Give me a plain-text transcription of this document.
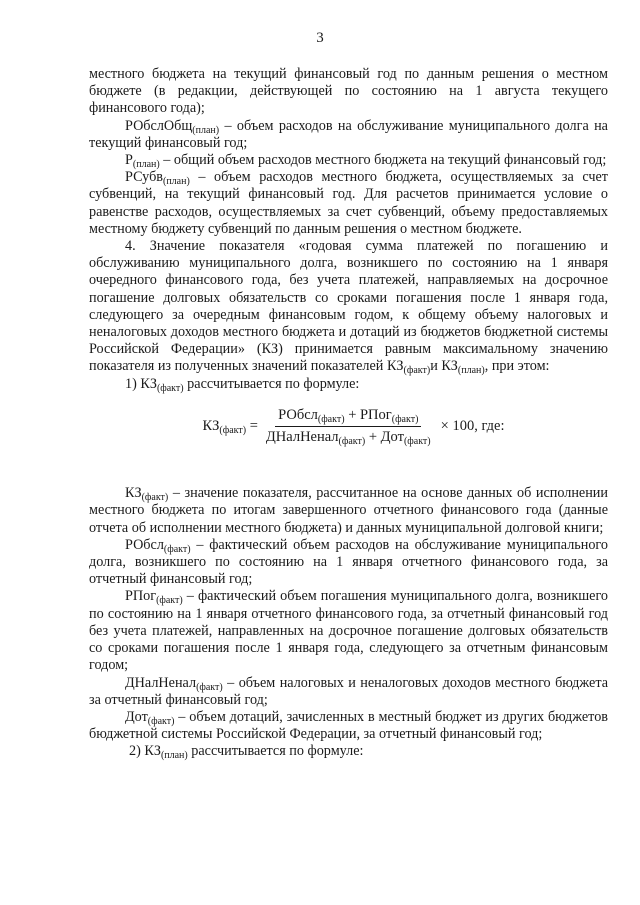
3

местного бюджета на текущий финансовый год по данным решения о местном бюджете (в редакции, действующей по состоянию на 1 августа текущего финансового года);

РОбслОбщ$_{(план)}$ – объем расходов на обслуживание муниципального долга на текущий финансовый год;

$Р_{(план)}$ – общий объем расходов местного бюджета на текущий финансовый год;

РСубв$_{(план)}$ – объем расходов местного бюджета, осуществляемых за счет субвенций, на текущий финансовый год. Для расчетов принимается условие о равенстве расходов, осуществляемых за счет субвенций, объему предоставляемых местному бюджету субвенций по данным решения о местном бюджете.

4. Значение показателя «годовая сумма платежей по погашению и обслуживанию муниципального долга, возникшего по состоянию на 1 января очередного финансового года, без учета платежей, направляемых на досрочное погашение долговых обязательств со сроками погашения после 1 января года, следующего за очередным финансовым годом, к общему объему налоговых и неналоговых доходов местного бюджета и дотаций из бюджетов бюджетной системы Российской Федерации» (КЗ) принимается равным максимальному значению показателя из полученных значений показателей $КЗ_{(факт)}и$ $КЗ_{(план)}$, при этом:

1) $КЗ_{(факт)}$ рассчитывается по формуле:

$КЗ_{(факт)} = \frac{РОбсл_{(факт)} + РПог_{(факт)}}{ДНалНенал_{(факт)} + Дот_{(факт)}} \times 100$, где:

$КЗ_{(факт)}$ – значение показателя, рассчитанное на основе данных об исполнении местного бюджета по итогам завершенного отчетного финансового года (данные отчета об исполнении местного бюджета) и данных муниципальной долговой книги;

РОбсл$_{(факт)}$ – фактический объем расходов на обслуживание муниципального долга, возникшего по состоянию на 1 января отчетного финансового года, за отчетный финансовый год;

РПог$_{(факт)}$ – фактический объем погашения муниципального долга, возникшего по состоянию на 1 января отчетного финансового года, за отчетный финансовый год без учета платежей, направленных на досрочное погашение долговых обязательств со сроками погашения после 1 января года, следующего за отчетным финансовым годом;

ДНалНенал$_{(факт)}$ – объем налоговых и неналоговых доходов местного бюджета за отчетный финансовый год;

Дот$_{(факт)}$ – объем дотаций, зачисленных в местный бюджет из других бюджетов бюджетной системы Российской Федерации, за отчетный финансовый год;

2) $КЗ_{(план)}$ рассчитывается по формуле:
